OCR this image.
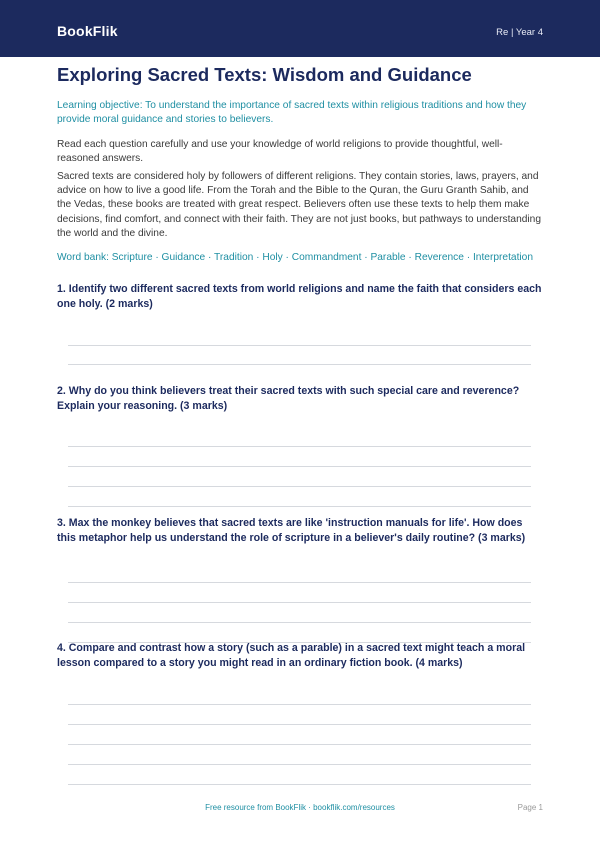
BookFlik	Re | Year 4
Exploring Sacred Texts: Wisdom and Guidance
Learning objective: To understand the importance of sacred texts within religious traditions and how they provide moral guidance and stories to believers.
Read each question carefully and use your knowledge of world religions to provide thoughtful, well-reasoned answers.
Sacred texts are considered holy by followers of different religions. They contain stories, laws, prayers, and advice on how to live a good life. From the Torah and the Bible to the Quran, the Guru Granth Sahib, and the Vedas, these books are treated with great respect. Believers often use these texts to help them make decisions, find comfort, and connect with their faith. They are not just books, but pathways to understanding the world and the divine.
Word bank: Scripture · Guidance · Tradition · Holy · Commandment · Parable · Reverence · Interpretation
1. Identify two different sacred texts from world religions and name the faith that considers each one holy. (2 marks)
2. Why do you think believers treat their sacred texts with such special care and reverence? Explain your reasoning. (3 marks)
3. Max the monkey believes that sacred texts are like 'instruction manuals for life'. How does this metaphor help us understand the role of scripture in a believer's daily routine? (3 marks)
4. Compare and contrast how a story (such as a parable) in a sacred text might teach a moral lesson compared to a story you might read in an ordinary fiction book. (4 marks)
Free resource from BookFlik · bookflik.com/resources	Page 1
